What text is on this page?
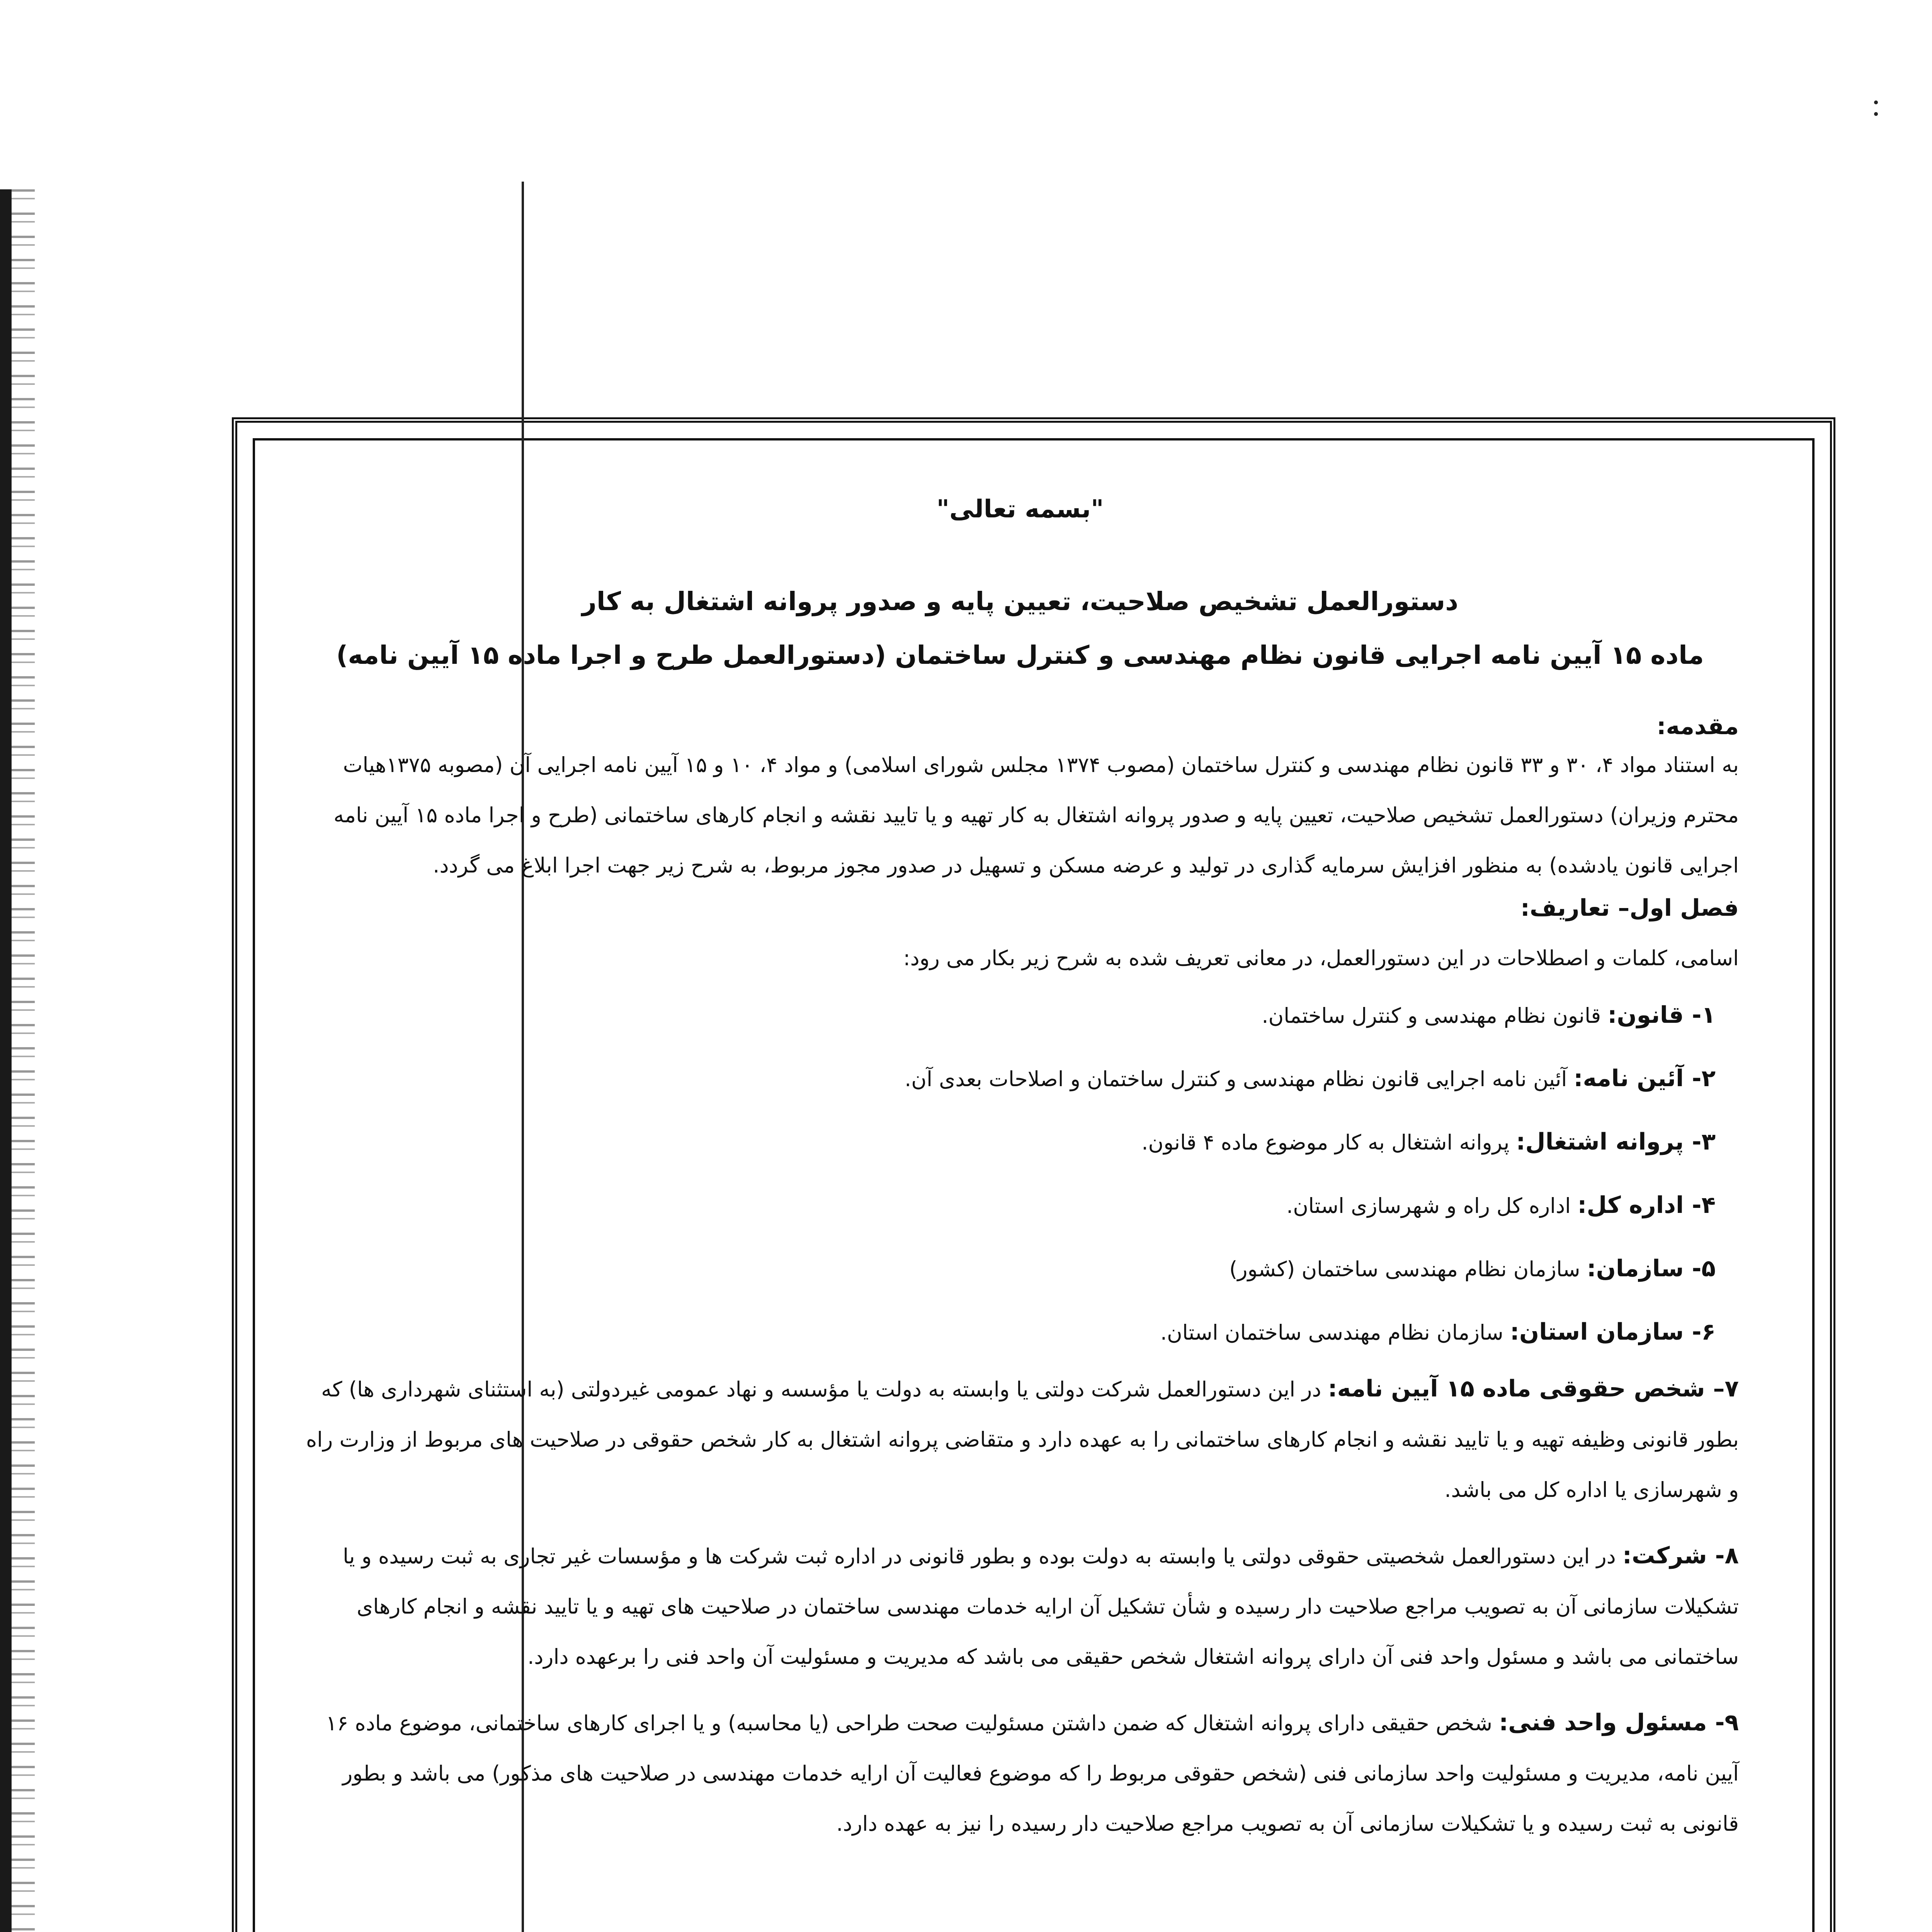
"بسمه تعالی"
دستورالعمل تشخیص صلاحیت، تعیین پایه و صدور پروانه اشتغال به کار
ماده ۱۵ آیین نامه اجرایی قانون نظام مهندسی و کنترل ساختمان (دستورالعمل طرح و اجرا ماده ۱۵ آیین نامه)
مقدمه:

به استناد مواد ۴، ۳۰ و ۳۳ قانون نظام مهندسی و کنترل ساختمان (مصوب ۱۳۷۴ مجلس شورای اسلامی) و مواد ۴، ۱۰ و ۱۵ آیین نامه اجرایی آن (مصوبه ۱۳۷۵هیات محترم وزیران) دستورالعمل تشخیص صلاحیت، تعیین پایه و صدور پروانه اشتغال به کار تهیه و یا تایید نقشه و انجام کارهای ساختمانی (طرح و اجرا ماده ۱۵ آیین نامه اجرایی قانون یادشده) به منظور افزایش سرمایه گذاری در تولید و عرضه مسکن و تسهیل در صدور مجوز مربوط، به شرح زیر جهت اجرا ابلاغ می گردد.

فصل اول– تعاریف:

اسامی، کلمات و اصطلاحات در این دستورالعمل، در معانی تعریف شده به شرح زیر بکار می رود:

۱- قانون: قانون نظام مهندسی و کنترل ساختمان.
۲- آئین نامه: آئین نامه اجرایی قانون نظام مهندسی و کنترل ساختمان و اصلاحات بعدی آن.
۳- پروانه اشتغال: پروانه اشتغال به کار موضوع ماده ۴ قانون.
۴- اداره کل: اداره کل راه و شهرسازی استان.
۵- سازمان: سازمان نظام مهندسی ساختمان (کشور)
۶- سازمان استان: سازمان نظام مهندسی ساختمان استان.
۷– شخص حقوقی ماده ۱۵ آیین نامه: در این دستورالعمل شرکت دولتی یا وابسته به دولت یا مؤسسه و نهاد عمومی غیردولتی (به استثنای شهرداری ها) که بطور قانونی وظیفه تهیه و یا تایید نقشه و انجام کارهای ساختمانی را به عهده دارد و متقاضی پروانه اشتغال به کار شخص حقوقی در صلاحیت های مربوط از وزارت راه و شهرسازی یا اداره کل می باشد.
۸- شرکت: در این دستورالعمل شخصیتی حقوقی دولتی یا وابسته به دولت بوده و بطور قانونی در اداره ثبت شرکت ها و مؤسسات غیر تجاری به ثبت رسیده و یا تشکیلات سازمانی آن به تصویب مراجع صلاحیت دار رسیده و شأن تشکیل آن ارایه خدمات مهندسی ساختمان در صلاحیت های تهیه و یا تایید نقشه و انجام کارهای ساختمانی می باشد و مسئول واحد فنی آن دارای پروانه اشتغال شخص حقیقی می باشد که مدیریت و مسئولیت آن واحد فنی را برعهده دارد.
۹- مسئول واحد فنی: شخص حقیقی دارای پروانه اشتغال که ضمن داشتن مسئولیت صحت طراحی (یا محاسبه) و یا اجرای کارهای ساختمانی، موضوع ماده ۱۶ آیین نامه، مدیریت و مسئولیت واحد سازمانی فنی (شخص حقوقی مربوط را که موضوع فعالیت آن ارایه خدمات مهندسی در صلاحیت های مذکور) می باشد و بطور قانونی به ثبت رسیده و یا تشکیلات سازمانی آن به تصویب مراجع صلاحیت دار رسیده را نیز به عهده دارد.
